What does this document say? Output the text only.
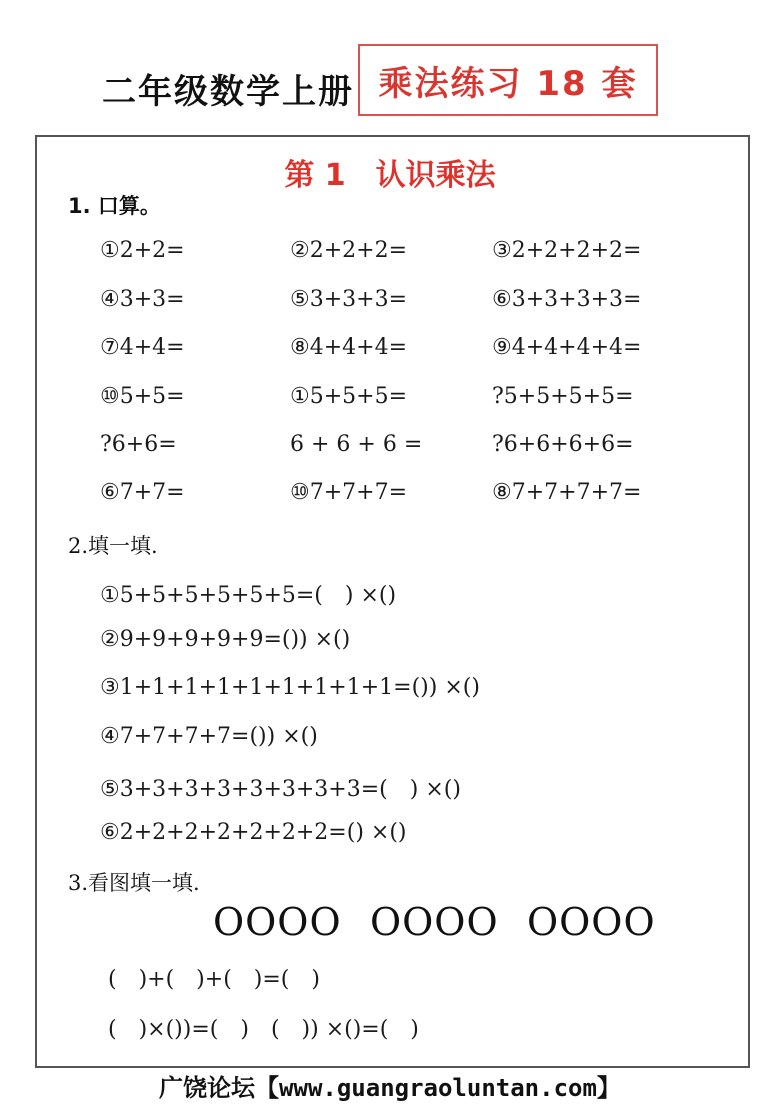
二年级数学上册 乘法练习 18 套
第 1　认识乘法
1. 口算。
①2+2=	②2+2+2=	③2+2+2+2=
④3+3=	⑤3+3+3=	⑥3+3+3+3=
⑦4+4=	⑧4+4+4=	⑨4+4+4+4=
⑩5+5=	①5+5+5=	?5+5+5+5=
?6+6=	6 + 6 + 6 =	?6+6+6+6=
⑥7+7=	⑩7+7+7=	⑧7+7+7+7=
2.填一填.
①5+5+5+5+5+5=(　) ×()
②9+9+9+9+9=()) ×()
③1+1+1+1+1+1+1+1+1=()) ×()
④7+7+7+7=()) ×()
⑤3+3+3+3+3+3+3+3=(　) ×()
⑥2+2+2+2+2+2+2=() ×()
3.看图填一填.
OOOO OOOO OOOO
(　)+(　)+(　)=(　)
(　)×())=(　)　(　)) ×()=(　)
广饶论坛【www.guangraoluntan.com】
